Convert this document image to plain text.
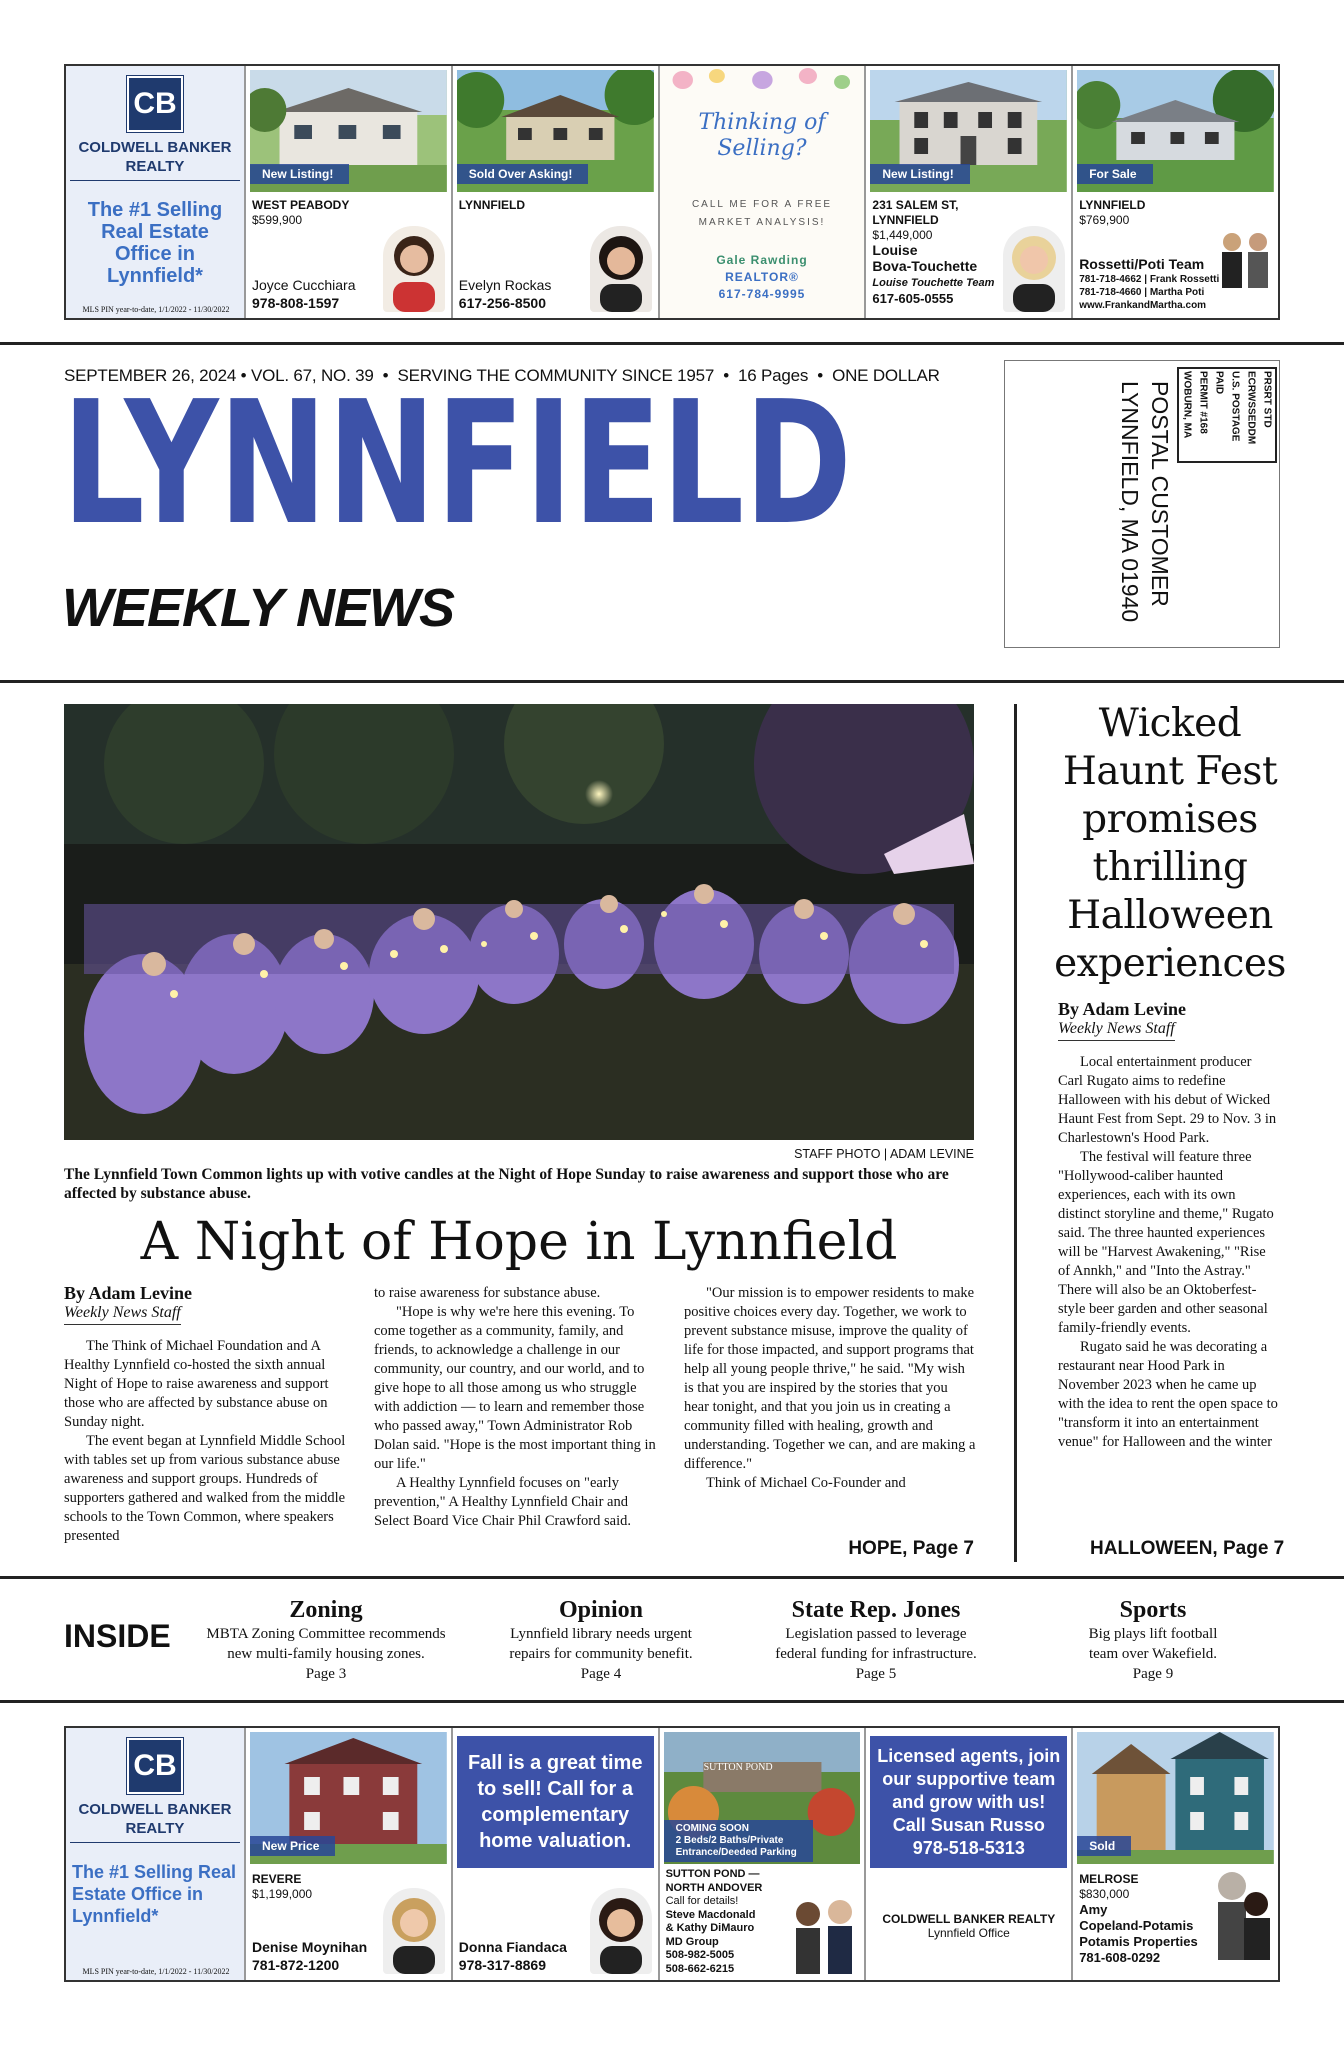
CB
COLDWELL BANKER
REALTY
The #1 Selling Real Estate Office in Lynnfield*
MLS PIN year-to-date, 1/1/2022 - 11/30/2022
New Listing!
WEST PEABODY
$599,900
Joyce Cucchiara
978-808-1597
Sold Over Asking!
LYNNFIELD

Evelyn Rockas
617-256-8500
Thinking of
Selling?
CALL ME FOR A FREE
MARKET ANALYSIS!
Gale Rawding
REALTOR®
617-784-9995
New Listing!
231 SALEM ST,
LYNNFIELD
$1,449,000
Louise
Bova-Touchette
Louise Touchette Team
617-605-0555
For Sale
LYNNFIELD
$769,900
Rossetti/Poti Team
781-718-4662 | Frank Rossetti
781-718-4660 | Martha Poti
www.FrankandMartha.com
SEPTEMBER 26, 2024 • VOL. 67, NO. 39  •  SERVING THE COMMUNITY SINCE 1957  •  16 Pages  •  ONE DOLLAR
LYNNFIELD
WEEKLY NEWS
PRSRT STD
ECRWSSEDDM
U.S. POSTAGE
PAID
PERMIT #168
WOBURN, MA
POSTAL CUSTOMER
LYNNFIELD, MA 01940
STAFF PHOTO | ADAM LEVINE
The Lynnfield Town Common lights up with votive candles at the Night of Hope Sunday to raise awareness and support those who are affected by substance abuse.
A Night of Hope in Lynnfield
By Adam Levine
Weekly News Staff

The Think of Michael Foundation and A Healthy Lynnfield co-hosted the sixth annual Night of Hope to raise awareness and support those who are affected by substance abuse on Sunday night.

The event began at Lynnfield Middle School with tables set up from various substance abuse awareness and support groups. Hundreds of supporters gathered and walked from the middle schools to the Town Common, where speakers presented

to raise awareness for substance abuse.

"Hope is why we're here this evening. To come together as a community, family, and friends, to acknowledge a challenge in our community, our country, and our world, and to give hope to all those among us who struggle with addiction — to learn and remember those who passed away," Town Administrator Rob Dolan said. "Hope is the most important thing in our life."

A Healthy Lynnfield focuses on "early prevention," A Healthy Lynnfield Chair and Select Board Vice Chair Phil Crawford said.

"Our mission is to empower residents to make positive choices every day. Together, we work to prevent substance misuse, improve the quality of life for those impacted, and support programs that help all young people thrive," he said. "My wish is that you are inspired by the stories that you hear tonight, and that you join us in creating a community filled with healing, growth and understanding. Together we can, and are making a difference."

Think of Michael Co-Founder and

HOPE, Page 7
Wicked Haunt Fest promises thrilling Halloween experiences
By Adam Levine
Weekly News Staff

Local entertainment producer Carl Rugato aims to redefine Halloween with his debut of Wicked Haunt Fest from Sept. 29 to Nov. 3 in Charlestown's Hood Park.

The festival will feature three "Hollywood-caliber haunted experiences, each with its own distinct storyline and theme," Rugato said. The three haunted experiences will be "Harvest Awakening," "Rise of Annkh," and "Into the Astray." There will also be an Oktoberfest-style beer garden and other seasonal family-friendly events.

Rugato said he was decorating a restaurant near Hood Park in November 2023 when he came up with the idea to rent the open space to "transform it into an entertainment venue" for Halloween and the winter

HALLOWEEN, Page 7
INSIDE
Zoning
MBTA Zoning Committee recommends
new multi-family housing zones.
Page 3
Opinion
Lynnfield library needs urgent
repairs for community benefit.
Page 4
State Rep. Jones
Legislation passed to leverage
federal funding for infrastructure.
Page 5
Sports
Big plays lift football
team over Wakefield.
Page 9
CB
COLDWELL BANKER
REALTY
The #1 Selling Real Estate Office in Lynnfield*
MLS PIN year-to-date, 1/1/2022 - 11/30/2022
New Price
REVERE
$1,199,000
Denise Moynihan
781-872-1200
Fall is a great time to sell! Call for a complementary home valuation.
Donna Fiandaca
978-317-8869
SUTTON POND
COMING SOON
2 Beds/2 Baths/Private
Entrance/Deeded Parking
SUTTON POND —
NORTH ANDOVER
Call for details!
Steve Macdonald
& Kathy DiMauro
MD Group
508-982-5005
508-662-6215
Licensed agents, join our supportive team and grow with us! Call Susan Russo 978-518-5313
COLDWELL BANKER REALTY
Lynnfield Office
Sold
MELROSE
$830,000
Amy
Copeland-Potamis
Potamis Properties
781-608-0292
